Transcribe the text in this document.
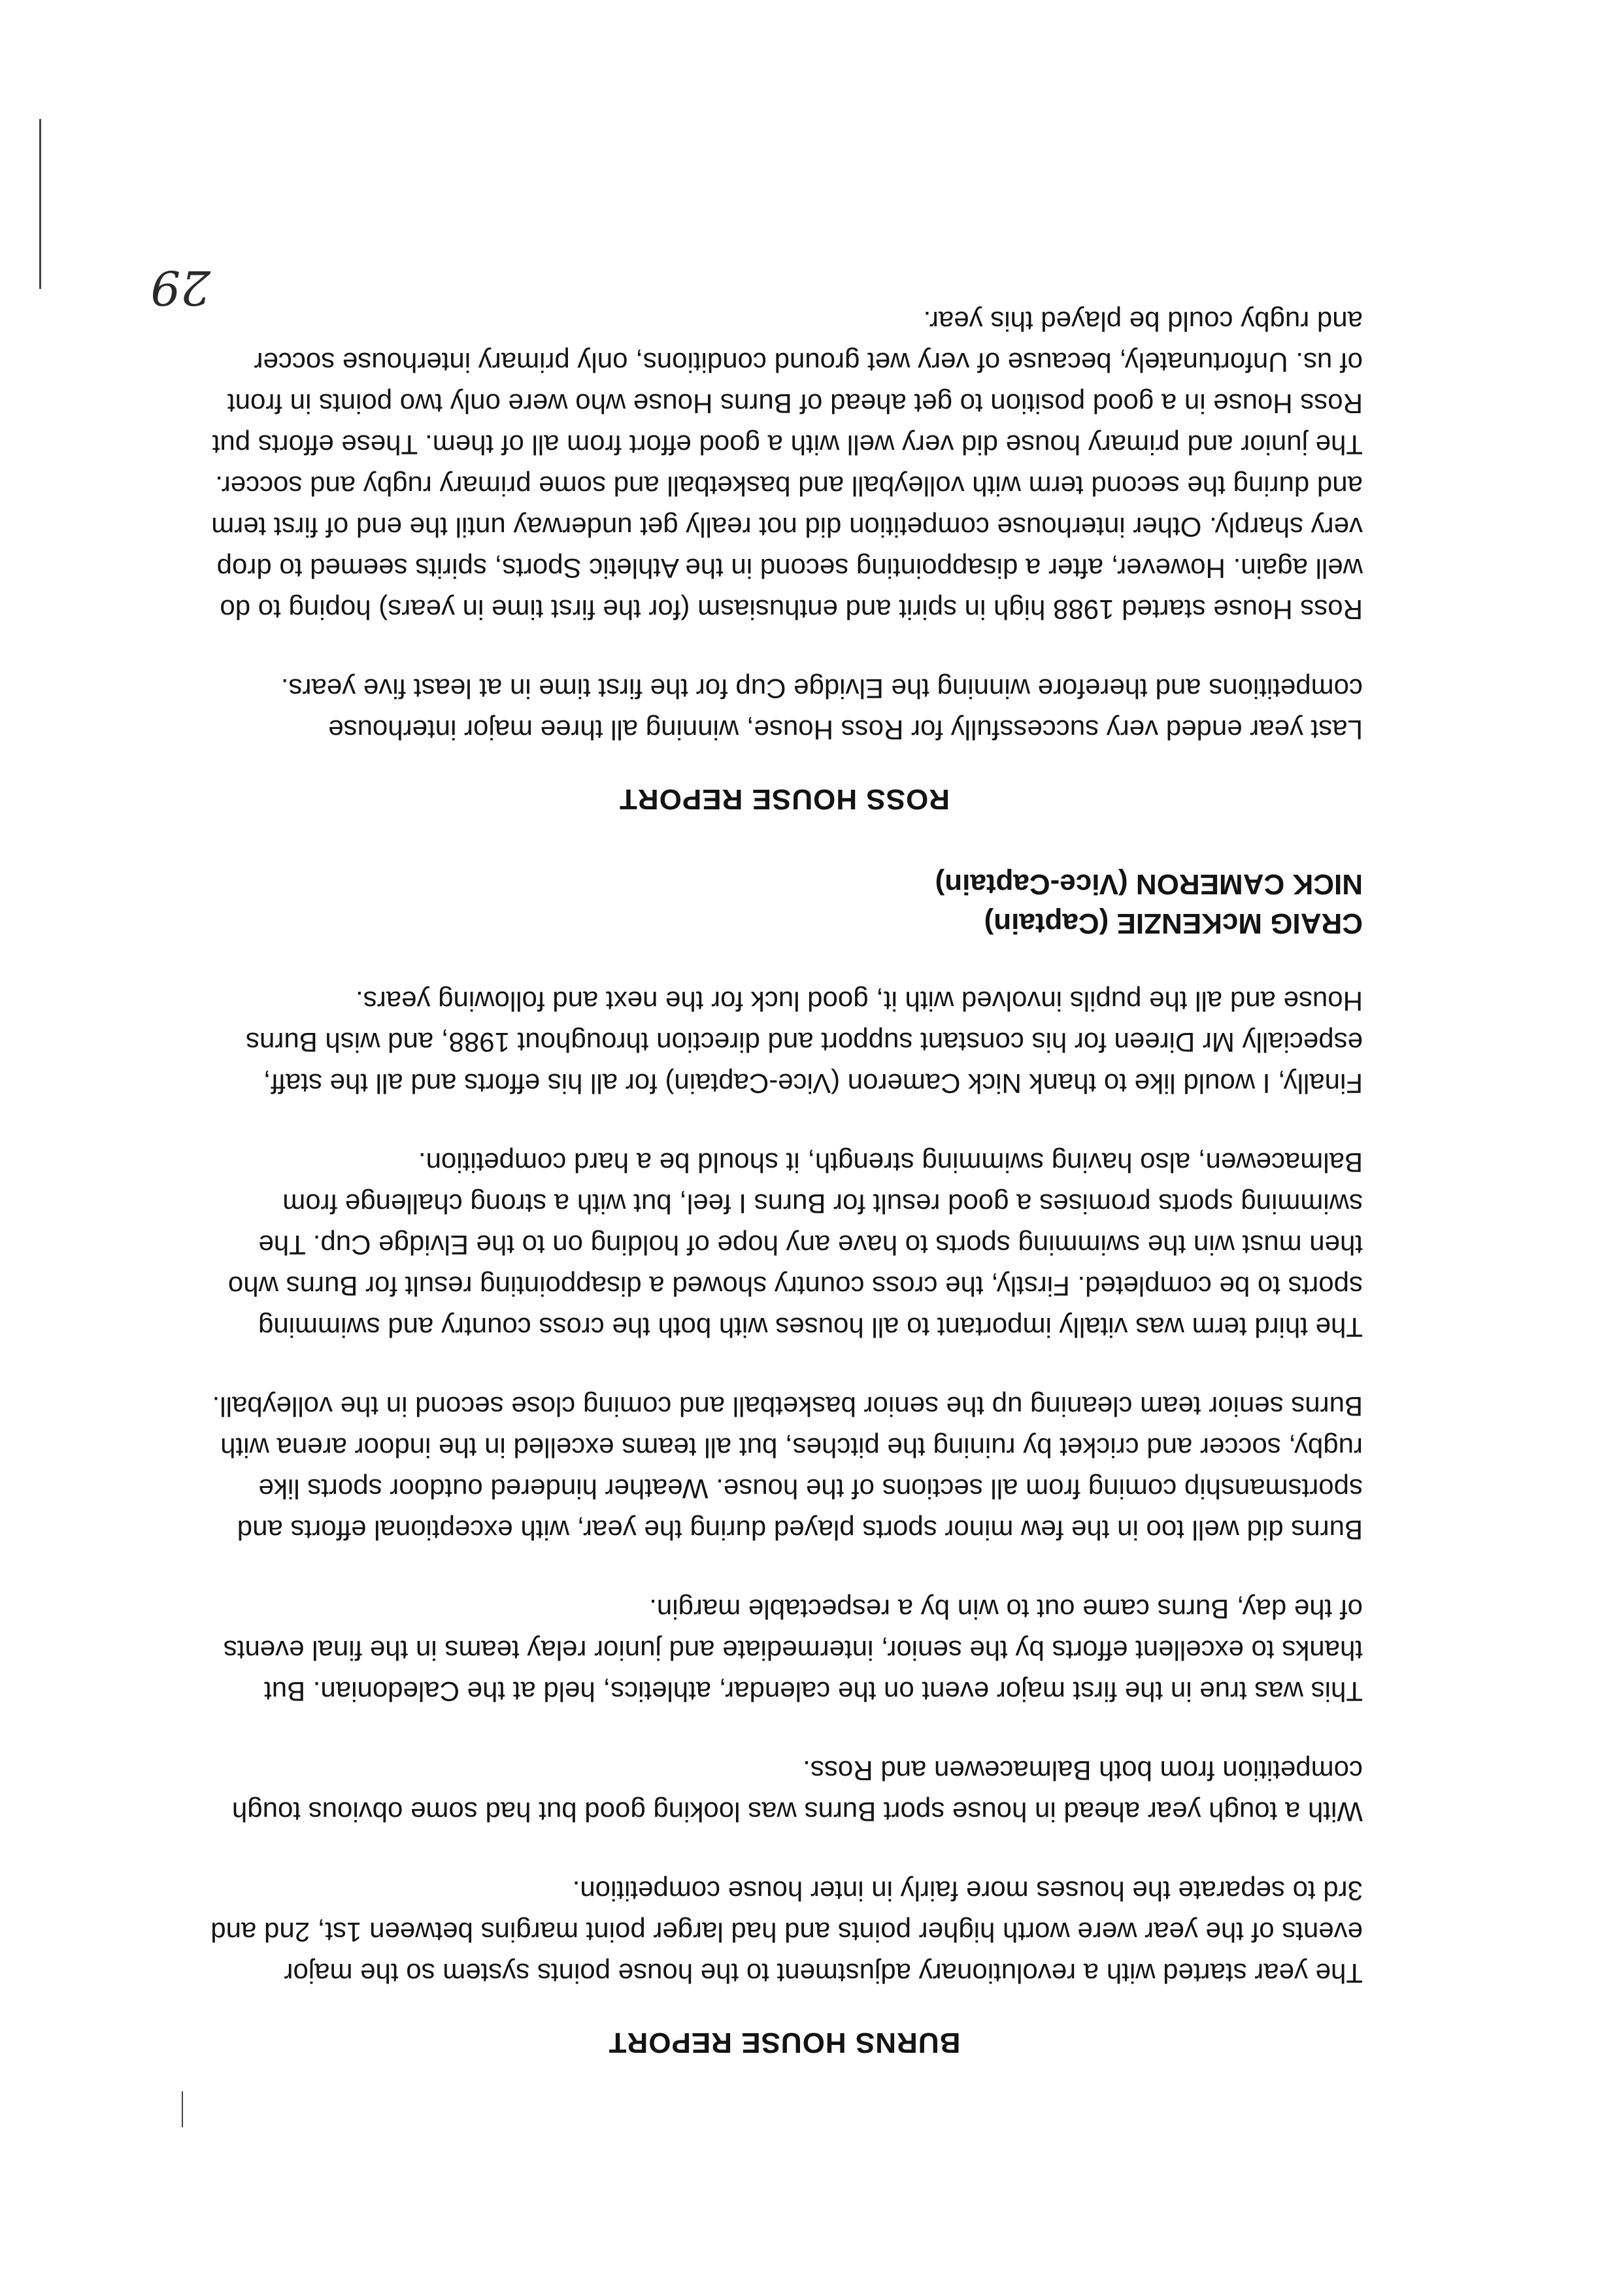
BURNS HOUSE REPORT

The year started with a revolutionary adjustment to the house points system so the major events of the year were worth higher points and had larger point margins between 1st, 2nd and 3rd to separate the houses more fairly in inter house competition.

With a tough year ahead in house sport Burns was looking good but had some obvious tough competition from both Balmacewen and Ross.

This was true in the first major event on the calendar, athletics, held at the Caledonian. But thanks to excellent efforts by the senior, intermediate and junior relay teams in the final events of the day, Burns came out to win by a respectable margin.

Burns did well too in the few minor sports played during the year, with exceptional efforts and sportsmanship coming from all sections of the house. Weather hindered outdoor sports like rugby, soccer and cricket by ruining the pitches, but all teams excelled in the indoor arena with Burns senior team cleaning up the senior basketball and coming close second in the volleyball.

The third term was vitally important to all houses with both the cross country and swimming sports to be completed. Firstly, the cross country showed a disappointing result for Burns who then must win the swimming sports to have any hope of holding on to the Elvidge Cup. The swimming sports promises a good result for Burns I feel, but with a strong challenge from Balmacewen, also having swimming strength, it should be a hard competition.

Finally, I would like to thank Nick Cameron (Vice-Captain) for all his efforts and all the staff, especially Mr Direen for his constant support and direction throughout 1988, and wish Burns House and all the pupils involved with it, good luck for the next and following years.

CRAIG McKENZIE (Captain)

NICK CAMERON (Vice-Captain)

ROSS HOUSE REPORT

Last year ended very successfully for Ross House, winning all three major interhouse competitions and therefore winning the Elvidge Cup for the first time in at least five years.

Ross House started 1988 high in spirit and enthusiasm (for the first time in years) hoping to do well again. However, after a disappointing second in the Athletic Sports, spirits seemed to drop very sharply. Other interhouse competition did not really get underway until the end of first term and during the second term with volleyball and basketball and some primary rugby and soccer. The junior and primary house did very well with a good effort from all of them. These efforts put Ross House in a good position to get ahead of Burns House who were only two points in front of us. Unfortunately, because of very wet ground conditions, only primary interhouse soccer and rugby could be played this year.

29
